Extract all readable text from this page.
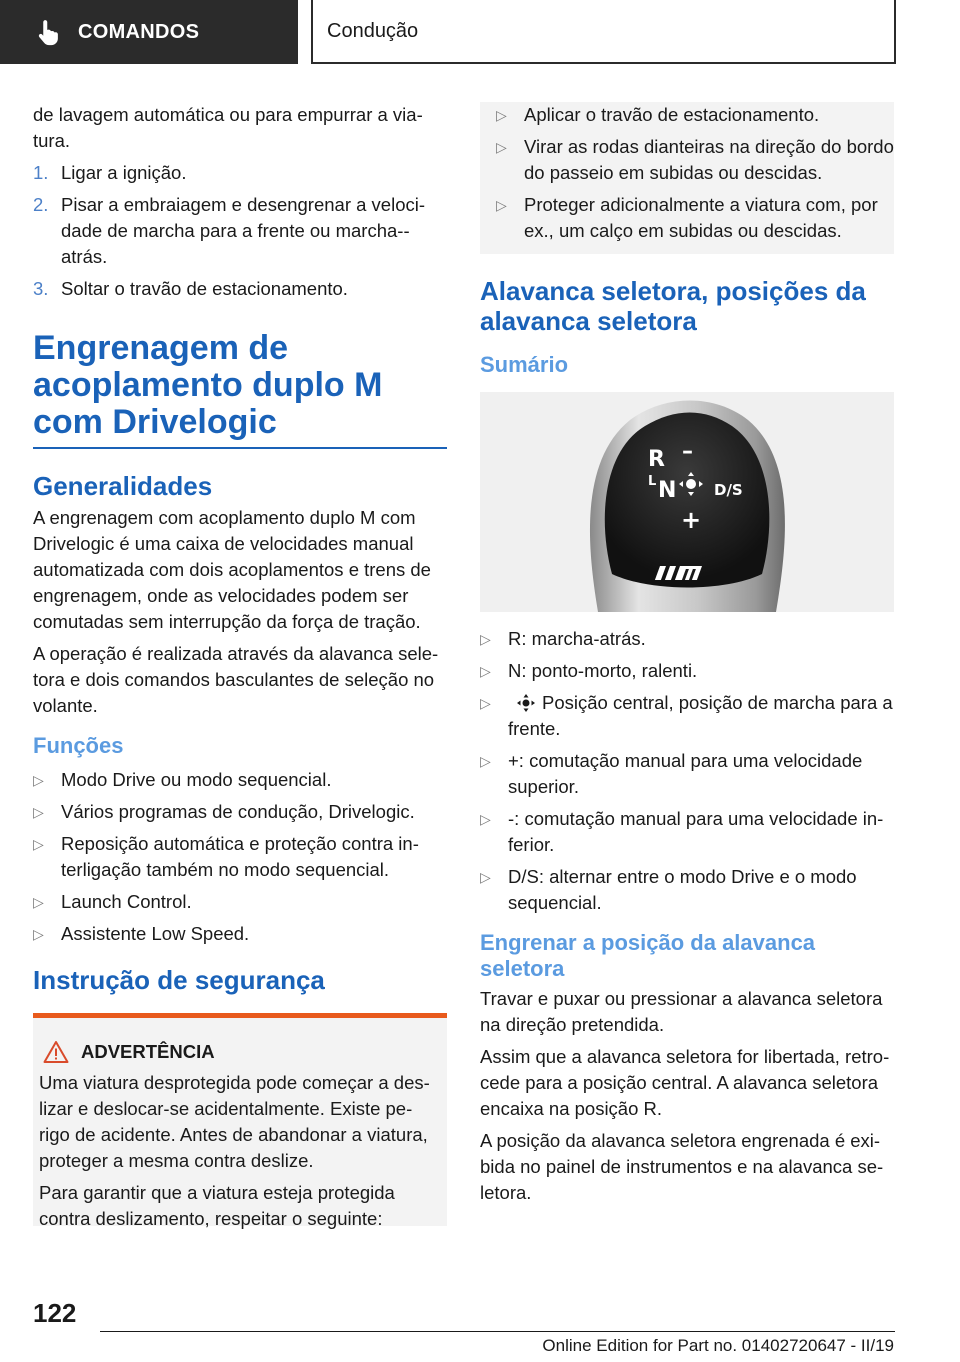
COMANDOS	Condução

de lavagem automática ou para empurrar a via-tura.

1. Ligar a ignição.
2. Pisar a embraiagem e desengrenar a veloci-dade de marcha para a frente ou marcha--atrás.
3. Soltar o travão de estacionamento.
Engrenagem de acoplamento duplo M com Drivelogic
Generalidades

A engrenagem com acoplamento duplo M com Drivelogic é uma caixa de velocidades manual automatizada com dois acoplamentos e trens de engrenagem, onde as velocidades podem ser comutadas sem interrupção da força de tração.

A operação é realizada através da alavanca sele-tora e dois comandos basculantes de seleção no volante.

Funções
▷ Modo Drive ou modo sequencial.
▷ Vários programas de condução, Drivelogic.
▷ Reposição automática e proteção contra in-terligação também no modo sequencial.
▷ Launch Control.
▷ Assistente Low Speed.
Instrução de segurança
ADVERTÊNCIA

Uma viatura desprotegida pode começar a des-lizar e deslocar-se acidentalmente. Existe pe-rigo de acidente. Antes de abandonar a viatura, proteger a mesma contra deslize.

Para garantir que a viatura esteja protegida contra deslizamento, respeitar o seguinte:

▷ Aplicar o travão de estacionamento.
▷ Virar as rodas dianteiras na direção do bordo do passeio em subidas ou descidas.
▷ Proteger adicionalmente a viatura com, por ex., um calço em subidas ou descidas.
Alavanca seletora, posições da alavanca seletora
Sumário
R –
L N	D/S
+
▷ R: marcha-atrás.
▷ N: ponto-morto, ralenti.
▷	Posição central, posição de marcha para a frente.
▷ +: comutação manual para uma velocidade superior.
▷ -: comutação manual para uma velocidade in-ferior.
▷ D/S: alternar entre o modo Drive e o modo sequencial.
Engrenar a posição da alavanca seletora

Travar e puxar ou pressionar a alavanca seletora na direção pretendida.

Assim que a alavanca seletora for libertada, retro-cede para a posição central. A alavanca seletora encaixa na posição R.

A posição da alavanca seletora engrenada é exi-bida no painel de instrumentos e na alavanca se-letora.

122
Online Edition for Part no. 01402720647 - II/19
